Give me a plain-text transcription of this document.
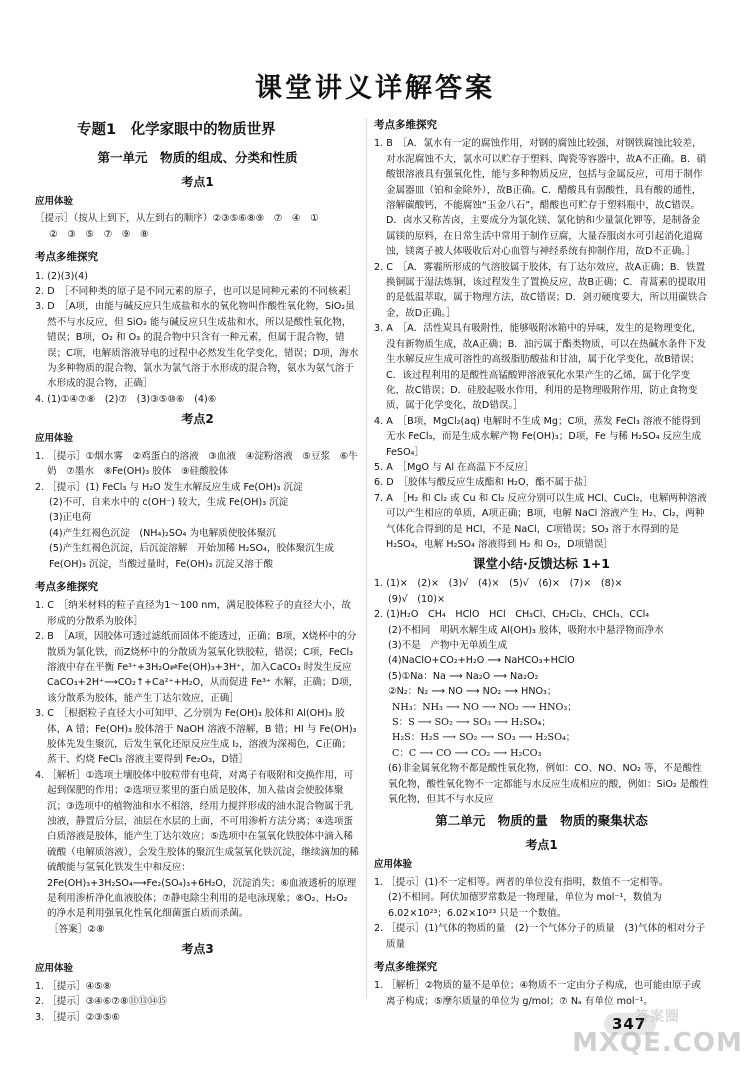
课堂讲义详解答案

专题1　化学家眼中的物质世界

第一单元　物质的组成、分类和性质

考点1

应用体验

［提示］（按从上到下，从左到右的顺序）②③⑤⑥⑧⑨　⑦　④　①

②　③　⑤　⑦　⑨　⑧

考点多维探究

1. (2)(3)(4)

2. D　［不同种类的原子是不同元素的原子，也可以是同种元素的不同核素］

3. D　［A项，由能与碱反应只生成盐和水的氧化物叫作酸性氧化物，SiO₂虽然不与水反应，但 SiO₂ 能与碱反应只生成盐和水，所以是酸性氧化物，错误；B项，O₂ 和 O₃ 的混合物中只含有一种元素，但属于混合物，错误；C项，电解质溶液导电的过程中必然发生化学变化，错误；D项，海水为多种物质的混合物，氯水为氯气溶于水形成的混合物，氨水为氨气溶于水形成的混合物，正确］

4. (1)①④⑦⑧　(2)⑦　(3)③⑤⑩⑥　(4)⑥

考点2

应用体验

1. ［提示］①烟水雾　②鸡蛋白的溶液　③血液　④淀粉溶液　⑤豆浆　⑥牛奶　⑦墨水　⑧Fe(OH)₃ 胶体　⑨硅酸胶体

2. ［提示］(1) FeCl₃ 与 H₂O 发生水解反应生成 Fe(OH)₃ 沉淀

(2)不可，自来水中的 c(OH⁻) 较大，生成 Fe(OH)₃ 沉淀

(3)正电荷

(4)产生红褐色沉淀　(NH₄)₂SO₄ 为电解质使胶体聚沉

(5)产生红褐色沉淀，后沉淀溶解　开始加稀 H₂SO₄，胶体聚沉生成 Fe(OH)₃ 沉淀，当酸过量时，Fe(OH)₃ 沉淀又溶于酸

考点多维探究

1. C　［纳米材料的粒子直径为1～100 nm，满足胶体粒子的直径大小，故形成的分散系为胶体］

2. B　［A项，因胶体可透过滤纸而固体不能透过，正确；B项，X烧杯中的分散质为氯化铁，而Z烧杯中的分散质为氢氧化铁胶粒，错误；C项，FeCl₃ 溶液中存在平衡 Fe³⁺+3H₂O⇌Fe(OH)₃+3H⁺，加入CaCO₃ 时发生反应 CaCO₃+2H⁺⟶CO₂↑+Ca²⁺+H₂O，从而促进 Fe³⁺ 水解，正确；D项，该分散系为胶体，能产生丁达尔效应，正确］

3. C　［根据粒子直径大小可知甲、乙分别为 Fe(OH)₃ 胶体和 Al(OH)₃ 胶体，A 错；Fe(OH)₃ 胶体溶于 NaOH 溶液不溶解，B 错；HI 与 Fe(OH)₃ 胶体先发生聚沉，后发生氧化还原反应生成 I₂，溶液为深褐色，C正确；蒸干、灼烧 FeCl₃ 溶液主要得到 Fe₂O₃，D错］

4. ［解析］①选项土壤胶体中胶粒带有电荷，对离子有吸附和交换作用，可起到保肥的作用；②选项豆浆里的蛋白质是胶体，加入盐卤会使胶体聚沉；③选项中的植物油和水不相溶，经用力搅拌形成的油水混合物属于乳浊液，静置后分层，油层在水层的上面，不可用渗析方法分离；④选项蛋白质溶液是胶体，能产生丁达尔效应；⑤选项中在氢氧化铁胶体中滴入稀硫酸（电解质溶液），会发生胶体的聚沉生成氢氧化铁沉淀，继续滴加的稀硫酸能与氢氧化铁发生中和反应：2Fe(OH)₃+3H₂SO₄⟶Fe₂(SO₄)₃+6H₂O，沉淀消失；⑥血液透析的原理是利用渗析净化血液胶体；⑦静电除尘利用的是电泳现象；⑧O₂、H₂O₂ 的净水是利用强氧化性氧化细菌蛋白质而杀菌。

［答案］②⑧

考点3

应用体验

1. ［提示］④⑤⑧

2. ［提示］③④⑥⑦⑧⑪⑬⑭⑮

3. ［提示］②③⑤⑥

考点多维探究

1. B　［A．氯水有一定的腐蚀作用，对钢的腐蚀比较强，对钢铁腐蚀比较差，对水泥腐蚀不大，氯水可以贮存于塑料、陶瓷等容器中，故A不正确。B．硝酸银溶液具有强氧化性，能与多种物质反应，包括与金属反应，可用于制作金属器皿（铂和金除外），故B正确。C．醋酸具有弱酸性，具有酸的通性，溶解碳酸钙，不能腐蚀“玉金八石”，醋酸也可贮存于塑料瓶中，故C错误。D．卤水又称苦卤，主要成分为氯化镁、氯化钠和少量氯化钾等，是制备金属镁的原料，在日常生活中常用于制作豆腐，大量吞服卤水可引起消化道腐蚀，镁离子被人体吸收后对心血管与神经系统有抑制作用，故D不正确。］

2. C　［A．雾霾所形成的气溶胶属于胶体，有丁达尔效应，故A正确；B．铁置换铜属于湿法炼铜，该过程发生了置换反应，故B正确；C．青蒿素的提取用的是低温萃取，属于物理方法，故C错误；D．剑刃硬度要大，所以用碳铁合金，故D正确。］

3. A　［A．活性炭具有吸附性，能够吸附冰箱中的异味，发生的是物理变化，没有新物质生成，故A正确；B．油污属于酯类物质，可以在热碱水条件下发生水解反应生成可溶性的高级脂肪酸盐和甘油，属于化学变化，故B错误；C．该过程利用的是酸性高锰酸钾溶液氧化水果产生的乙烯，属于化学变化，故C错误；D．硅胶起吸水作用，利用的是物理吸附作用，防止食物变质，属于化学变化，故D错误。］

4. A　［B项，MgCl₂(aq) 电解时不生成 Mg；C项，蒸发 FeCl₃ 溶液不能得到无水 FeCl₃，而是生成水解产物 Fe(OH)₃；D项，Fe 与稀 H₂SO₄ 反应生成 FeSO₄］

5. A　［MgO 与 Al 在高温下不反应］

6. D　［胶体与酸反应生成酯和 H₂O，酯不属于盐］

7. A　［H₂ 和 Cl₂ 或 Cu 和 Cl₂ 反应分别可以生成 HCl、CuCl₂，电解两种溶液可以产生相应的单质，A项正确；B项，电解 NaCl 溶液产生 H₂、Cl₂，两种气体化合得到的是 HCl，不是 NaCl，C项错误；SO₃ 溶于水得到的是 H₂SO₄，电解 H₂SO₄ 溶液得到 H₂ 和 O₂，D项错误］

课堂小结·反馈达标 1+1

1. (1)×　(2)×　(3)√　(4)×　(5)√　(6)×　(7)×　(8)×

(9)√　(10)×

2. (1)H₂O　CH₄　HClO　HCl　CH₃Cl、CH₂Cl₂、CHCl₃、CCl₄

(2)不相同　明矾水解生成 Al(OH)₃ 胶体，吸附水中悬浮物而净水

(3)不是　产物中无单质生成

(4)NaClO+CO₂+H₂O ⟶ NaHCO₃+HClO

(5)①Na：Na ⟶ Na₂O ⟶ Na₂O₂

②N₂：N₂ ⟶ NO ⟶ NO₂ ⟶ HNO₃；

NH₃：NH₃ ⟶ NO ⟶ NO₂ ⟶ HNO₃；

S：S ⟶ SO₂ ⟶ SO₃ ⟶ H₂SO₄；

H₂S：H₂S ⟶ SO₂ ⟶ SO₃ ⟶ H₂SO₄；

C：C ⟶ CO ⟶ CO₂ ⟶ H₂CO₃

(6)非金属氧化物不都是酸性氧化物，例如：CO、NO、NO₂ 等，不是酸性氧化物，酸性氧化物不一定都能与水反应生成相应的酸，例如：SiO₂ 是酸性氧化物，但其不与水反应

第二单元　物质的量　物质的聚集状态

考点1

应用体验

1. ［提示］(1)不一定相等。两者的单位没有指明，数值不一定相等。

(2)不相同。阿伏加德罗常数是一物理量，单位为 mol⁻¹，数值为 6.02×10²³；6.02×10²³ 只是一个数值。

2. ［提示］(1)气体的物质的量　(2)一个气体分子的质量　(3)气体的相对分子质量

考点多维探究

1. ［解析］②物质的量不是单位；④物质不一定由分子构成，也可能由原子或离子构成；⑤摩尔质量的单位为 g/mol；⑦ Nₐ 有单位 mol⁻¹。

347
答案圈
MXQE.COM
